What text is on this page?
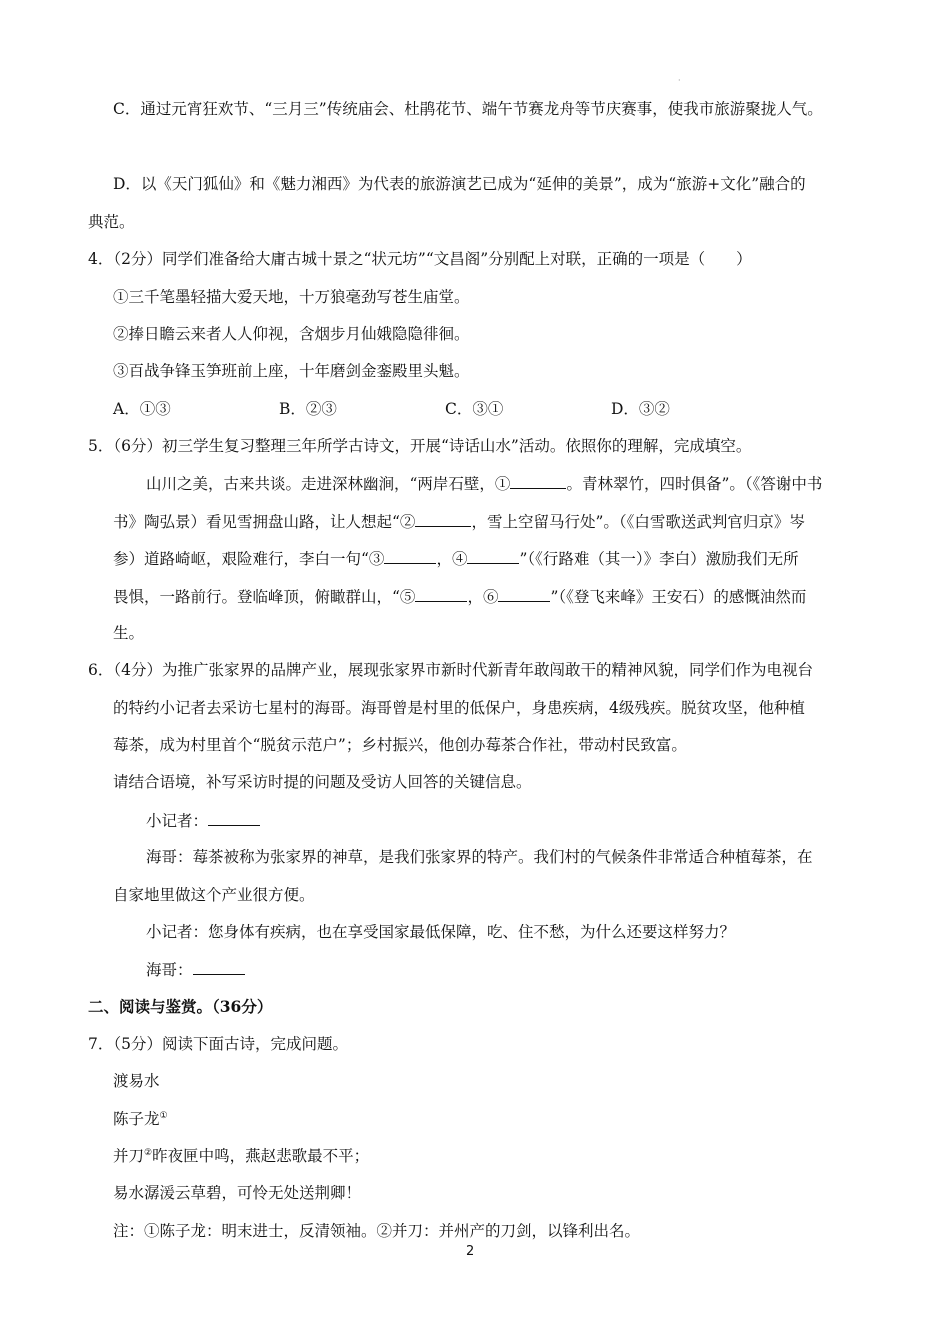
·
C．通过元宵狂欢节、“三月三”传统庙会、杜鹃花节、端午节赛龙舟等节庆赛事，使我市旅游聚拢人气。
D．以《天门狐仙》和《魅力湘西》为代表的旅游演艺已成为“延伸的美景”，成为“旅游+文化”融合的
典范。
4．（2分）同学们准备给大庸古城十景之“状元坊”“文昌阁”分别配上对联，正确的一项是（　　）
①三千笔墨轻描大爱天地，十万狼毫劲写苍生庙堂。
②捧日瞻云来者人人仰视，含烟步月仙娥隐隐徘徊。
③百战争锋玉笋班前上座，十年磨剑金銮殿里头魁。
A．①③	B．②③	C．③①	D．③②
5．（6分）初三学生复习整理三年所学古诗文，开展“诗话山水”活动。依照你的理解，完成填空。
山川之美，古来共谈。走进深林幽涧，“两岸石壁，①	。青林翠竹，四时俱备”。（《答谢中书
书》陶弘景）看见雪拥盘山路，让人想起“②	，雪上空留马行处”。（《白雪歌送武判官归京》岑
参）道路崎岖，艰险难行，李白一句“③	，④	”（《行路难（其一）》李白）激励我们无所
畏惧，一路前行。登临峰顶，俯瞰群山，“⑤	，⑥	”（《登飞来峰》王安石）的感慨油然而
生。
6．（4分）为推广张家界的品牌产业，展现张家界市新时代新青年敢闯敢干的精神风貌，同学们作为电视台
的特约小记者去采访七星村的海哥。海哥曾是村里的低保户，身患疾病，4级残疾。脱贫攻坚，他种植
莓茶，成为村里首个“脱贫示范户”；乡村振兴，他创办莓茶合作社，带动村民致富。
请结合语境，补写采访时提的问题及受访人回答的关键信息。
小记者：
海哥：莓茶被称为张家界的神草，是我们张家界的特产。我们村的气候条件非常适合种植莓茶，在
自家地里做这个产业很方便。
小记者：您身体有疾病，也在享受国家最低保障，吃、住不愁，为什么还要这样努力？
海哥：
二、阅读与鉴赏。（36分）
7．（5分）阅读下面古诗，完成问题。
渡易水
陈子龙①
并刀②昨夜匣中鸣，燕赵悲歌最不平；
易水潺湲云草碧，可怜无处送荆卿！
注：①陈子龙：明末进士，反清领袖。②并刀：并州产的刀剑，以锋利出名。
2
